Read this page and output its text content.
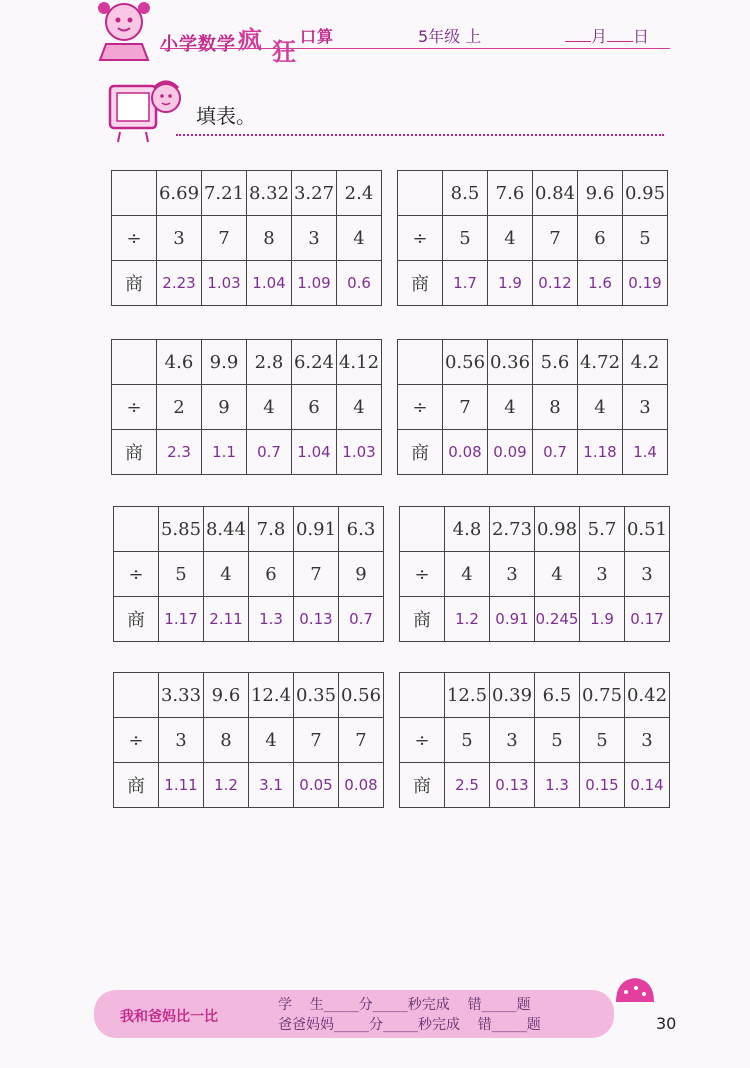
小学数学 疯 狂
口算	5年级 上	月 日
填表。
	6.69	7.21	8.32	3.27	2.4
÷	3	7	8	3	4
商	2.23	1.03	1.04	1.09	0.6
	8.5	7.6	0.84	9.6	0.95
÷	5	4	7	6	5
商	1.7	1.9	0.12	1.6	0.19
	4.6	9.9	2.8	6.24	4.12
÷	2	9	4	6	4
商	2.3	1.1	0.7	1.04	1.03
	0.56	0.36	5.6	4.72	4.2
÷	7	4	8	4	3
商	0.08	0.09	0.7	1.18	1.4
	5.85	8.44	7.8	0.91	6.3
÷	5	4	6	7	9
商	1.17	2.11	1.3	0.13	0.7
	4.8	2.73	0.98	5.7	0.51
÷	4	3	4	3	3
商	1.2	0.91	0.245	1.9	0.17
	3.33	9.6	12.4	0.35	0.56
÷	3	8	4	7	7
商	1.11	1.2	3.1	0.05	0.08
	12.5	0.39	6.5	0.75	0.42
÷	5	3	5	5	3
商	2.5	0.13	1.3	0.15	0.14
我和爸妈比一比
学    生_____分_____秒完成    错_____题
爸爸妈妈_____分_____秒完成    错_____题	30
